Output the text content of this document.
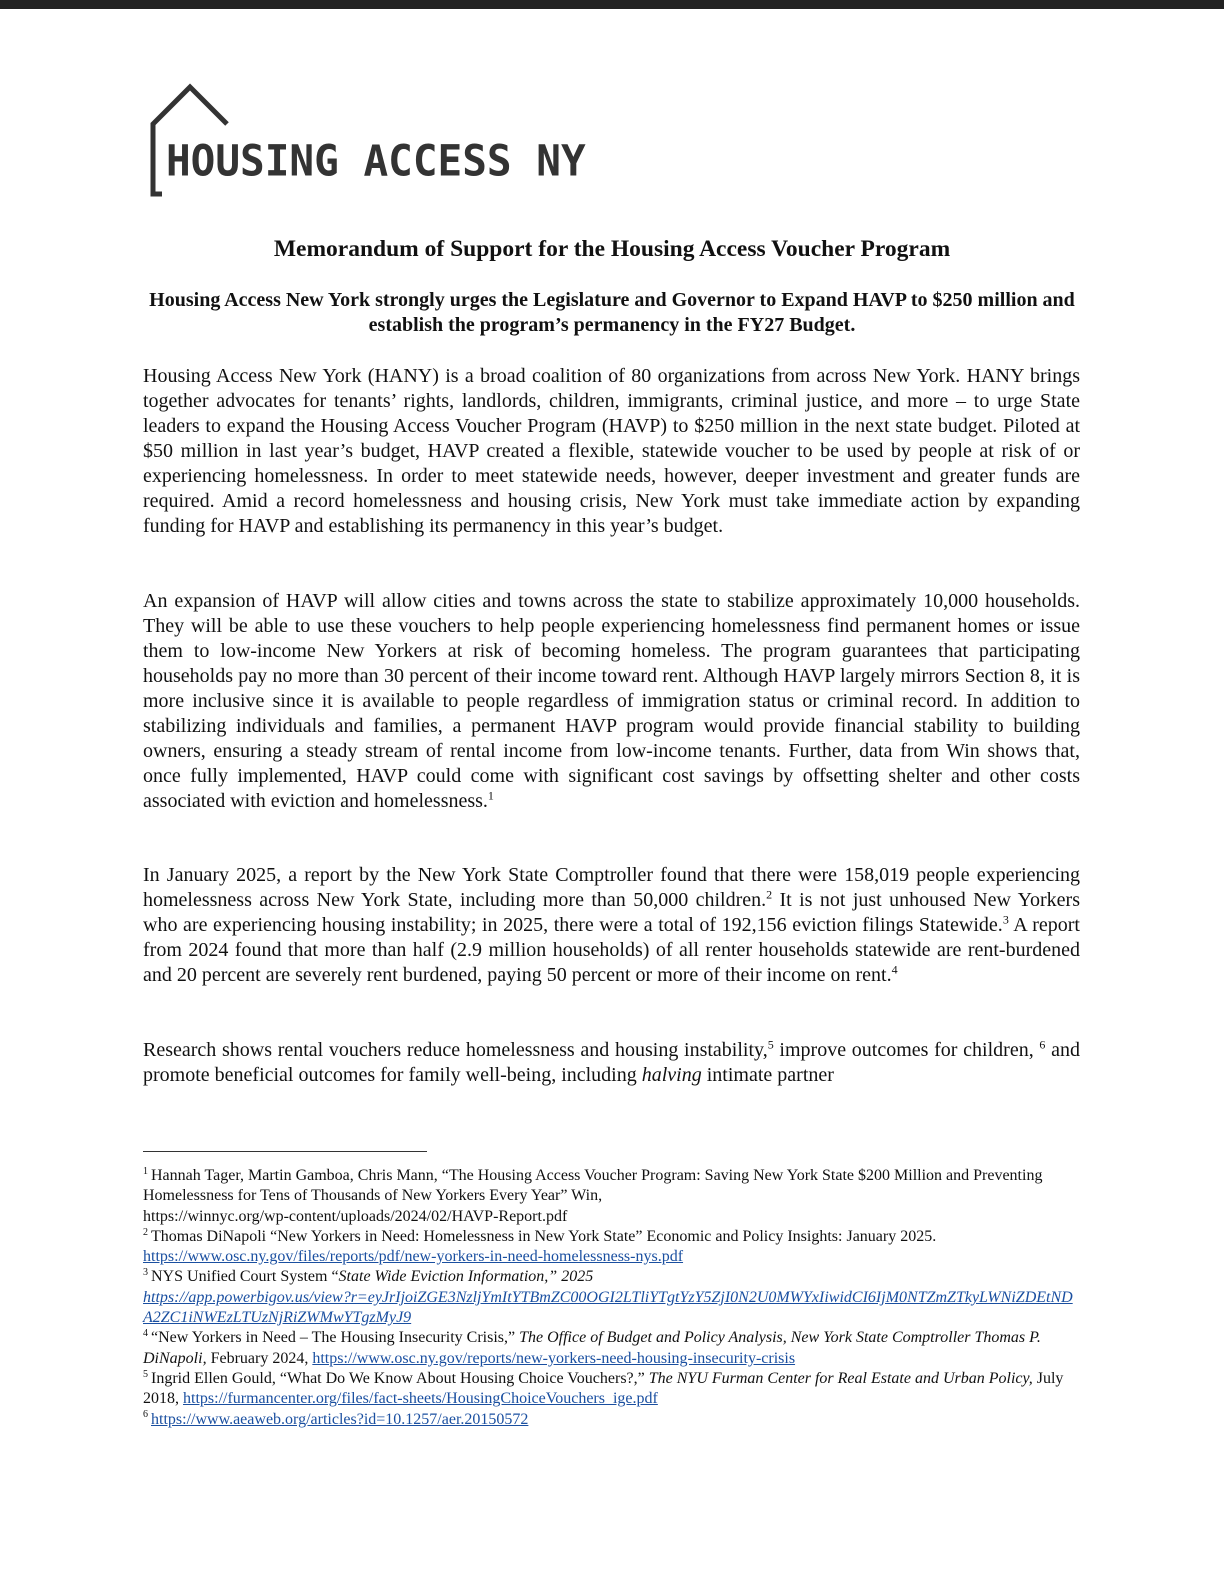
HOUSING ACCESS NY
Memorandum of Support for the Housing Access Voucher Program
Housing Access New York strongly urges the Legislature and Governor to Expand HAVP to $250 million and establish the program’s permanency in the FY27 Budget.

Housing Access New York (HANY) is a broad coalition of 80 organizations from across New York. HANY brings together advocates for tenants’ rights, landlords, children, immigrants, criminal justice, and more – to urge State leaders to expand the Housing Access Voucher Program (HAVP) to $250 million in the next state budget. Piloted at $50 million in last year’s budget, HAVP created a flexible, statewide voucher to be used by people at risk of or experiencing homelessness. In order to meet statewide needs, however, deeper investment and greater funds are required. Amid a record homelessness and housing crisis, New York must take immediate action by expanding funding for HAVP and establishing its permanency in this year’s budget.

An expansion of HAVP will allow cities and towns across the state to stabilize approximately 10,000 households. They will be able to use these vouchers to help people experiencing homelessness find permanent homes or issue them to low-income New Yorkers at risk of becoming homeless. The program guarantees that participating households pay no more than 30 percent of their income toward rent. Although HAVP largely mirrors Section 8, it is more inclusive since it is available to people regardless of immigration status or criminal record. In addition to stabilizing individuals and families, a permanent HAVP program would provide financial stability to building owners, ensuring a steady stream of rental income from low-income tenants. Further, data from Win shows that, once fully implemented, HAVP could come with significant cost savings by offsetting shelter and other costs associated with eviction and homelessness.$^1$

In January 2025, a report by the New York State Comptroller found that there were 158,019 people experiencing homelessness across New York State, including more than 50,000 children.$^2$ It is not just unhoused New Yorkers who are experiencing housing instability; in 2025, there were a total of 192,156 eviction filings Statewide.$^3$ A report from 2024 found that more than half (2.9 million households) of all renter households statewide are rent-burdened and 20 percent are severely rent burdened, paying 50 percent or more of their income on rent.$^4$

Research shows rental vouchers reduce homelessness and housing instability,$^5$ improve outcomes for children, $^6$ and promote beneficial outcomes for family well-being, including halving intimate partner

$^1$ Hannah Tager, Martin Gamboa, Chris Mann, “The Housing Access Voucher Program: Saving New York State $200 Million and Preventing Homelessness for Tens of Thousands of New Yorkers Every Year” Win,
https://winnyc.org/wp-content/uploads/2024/02/HAVP-Report.pdf

$^2$ Thomas DiNapoli “New Yorkers in Need: Homelessness in New York State” Economic and Policy Insights: January 2025.
https://www.osc.ny.gov/files/reports/pdf/new-yorkers-in-need-homelessness-nys.pdf

$^3$ NYS Unified Court System “State Wide Eviction Information,” 2025
https://app.powerbigov.us/view?r=eyJrIjoiZGE3NzljYmItYTBmZC00OGI2LTliYTgtYzY5ZjI0N2U0MWYxIiwidCI6IjM0NTZmZTkyLWNiZDEtNDA2ZC1iNWEzLTUzNjRiZWMwYTgzMyJ9

$^4$ “New Yorkers in Need – The Housing Insecurity Crisis,” The Office of Budget and Policy Analysis, New York State Comptroller Thomas P. DiNapoli, February 2024, https://www.osc.ny.gov/reports/new-yorkers-need-housing-insecurity-crisis

$^5$ Ingrid Ellen Gould, “What Do We Know About Housing Choice Vouchers?,” The NYU Furman Center for Real Estate and Urban Policy, July 2018, https://furmancenter.org/files/fact-sheets/HousingChoiceVouchers_ige.pdf

$^6$ https://www.aeaweb.org/articles?id=10.1257/aer.20150572
